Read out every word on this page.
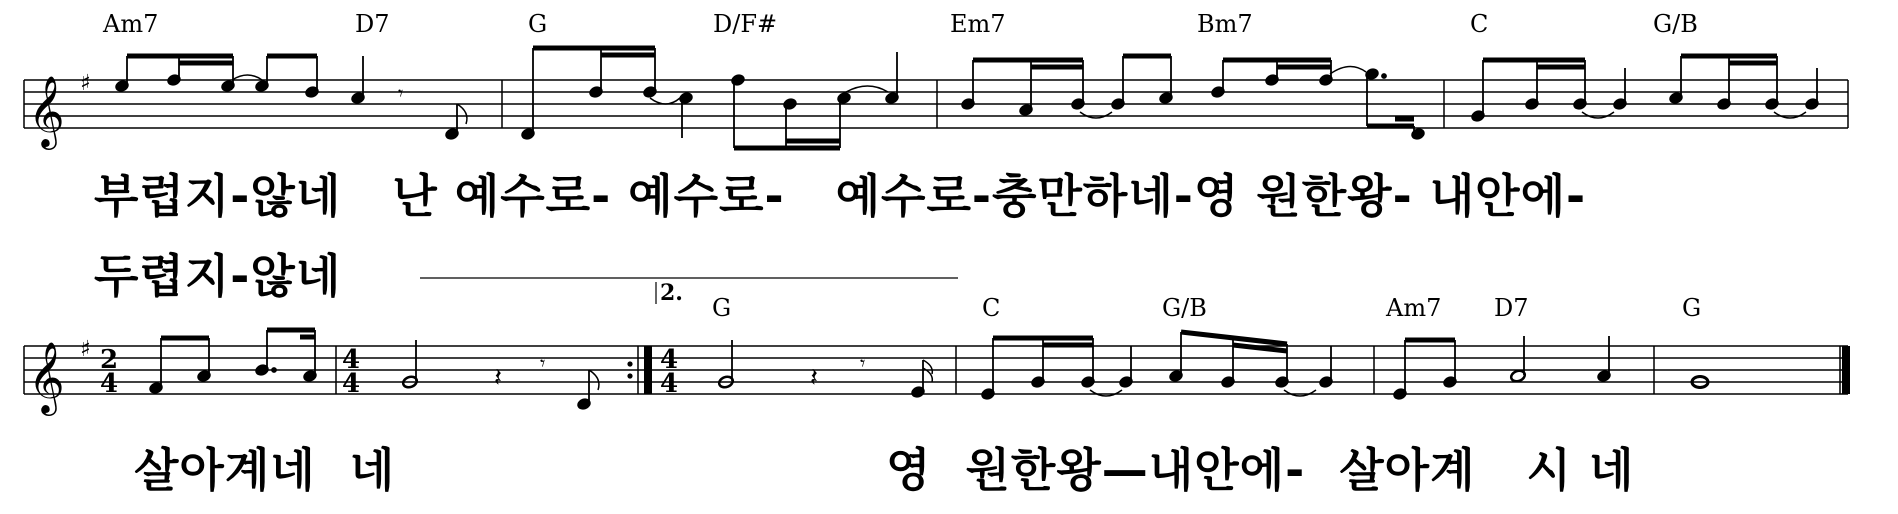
𝄞 ♯
Am7	D7	G	D/F#	Em7	Bm7	C	G/B
𝄾
𝄞 ♯ 2
4
4
4
4
4
2.
G	C	G/B	Am7 D7	G
𝄽 𝄾	𝄽 𝄾
부럽지-않네   난 예수로- 예수로-   예수로-충만하네-영 원한왕- 내안에-
두렵지-않네
살아계네  네	영  원한왕—내안에-  살아계   시 네
